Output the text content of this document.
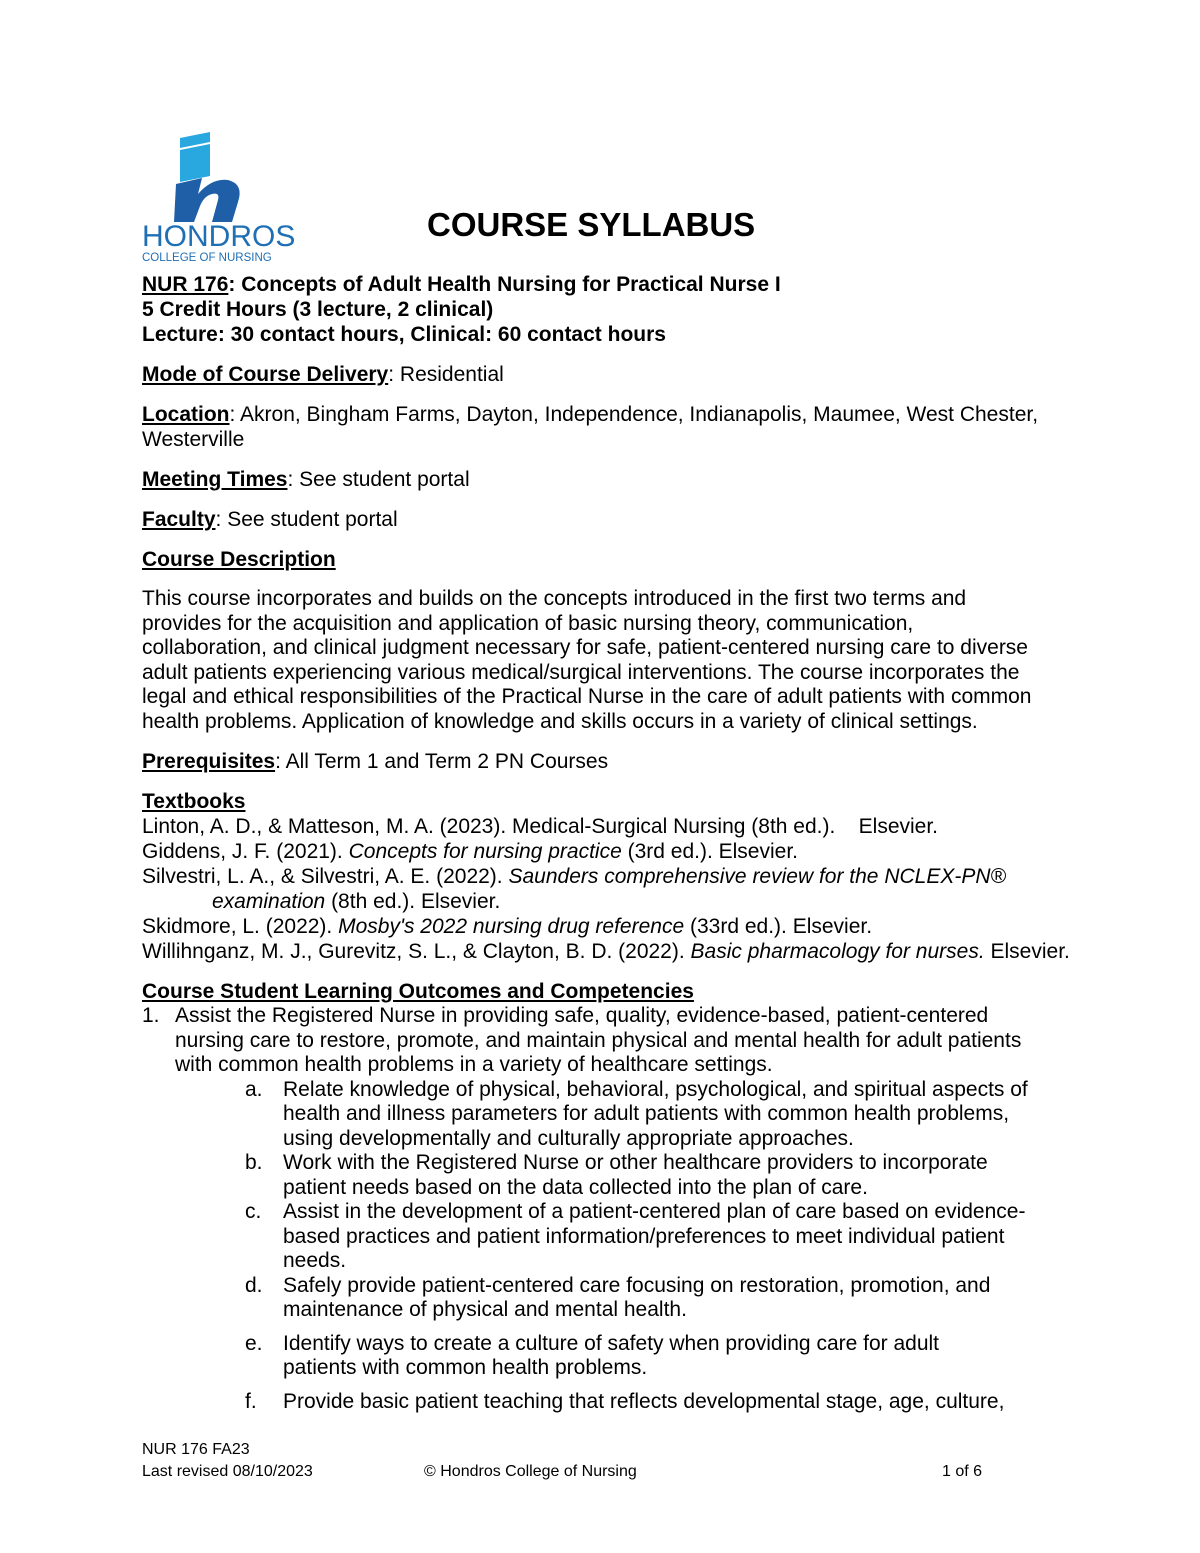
HONDROS
COLLEGE OF NURSING
COURSE SYLLABUS
NUR 176: Concepts of Adult Health Nursing for Practical Nurse I
5 Credit Hours (3 lecture, 2 clinical)
Lecture: 30 contact hours, Clinical: 60 contact hours
Mode of Course Delivery: Residential
Location: Akron, Bingham Farms, Dayton, Independence, Indianapolis, Maumee, West Chester,
Westerville
Meeting Times: See student portal
Faculty: See student portal
Course Description
This course incorporates and builds on the concepts introduced in the first two terms and
provides for the acquisition and application of basic nursing theory, communication,
collaboration, and clinical judgment necessary for safe, patient-centered nursing care to diverse
adult patients experiencing various medical/surgical interventions. The course incorporates the
legal and ethical responsibilities of the Practical Nurse in the care of adult patients with common
health problems. Application of knowledge and skills occurs in a variety of clinical settings.
Prerequisites: All Term 1 and Term 2 PN Courses
Textbooks
Linton, A. D., & Matteson, M. A. (2023). Medical-Surgical Nursing (8th ed.).    Elsevier.
Giddens, J. F. (2021). Concepts for nursing practice (3rd ed.). Elsevier.
Silvestri, L. A., & Silvestri, A. E. (2022). Saunders comprehensive review for the NCLEX-PN®
examination (8th ed.). Elsevier.
Skidmore, L. (2022). Mosby's 2022 nursing drug reference (33rd ed.). Elsevier.
Willihnganz, M. J., Gurevitz, S. L., & Clayton, B. D. (2022). Basic pharmacology for nurses. Elsevier.
Course Student Learning Outcomes and Competencies
1. Assist the Registered Nurse in providing safe, quality, evidence-based, patient-centered
nursing care to restore, promote, and maintain physical and mental health for adult patients
with common health problems in a variety of healthcare settings.
a. Relate knowledge of physical, behavioral, psychological, and spiritual aspects of
health and illness parameters for adult patients with common health problems,
using developmentally and culturally appropriate approaches.
b. Work with the Registered Nurse or other healthcare providers to incorporate
patient needs based on the data collected into the plan of care.
c. Assist in the development of a patient-centered plan of care based on evidence-
based practices and patient information/preferences to meet individual patient
needs.
d. Safely provide patient-centered care focusing on restoration, promotion, and
maintenance of physical and mental health.
e. Identify ways to create a culture of safety when providing care for adult
patients with common health problems.
f. Provide basic patient teaching that reflects developmental stage, age, culture,
NUR 176 FA23
Last revised 08/10/2023	© Hondros College of Nursing	1 of 6
